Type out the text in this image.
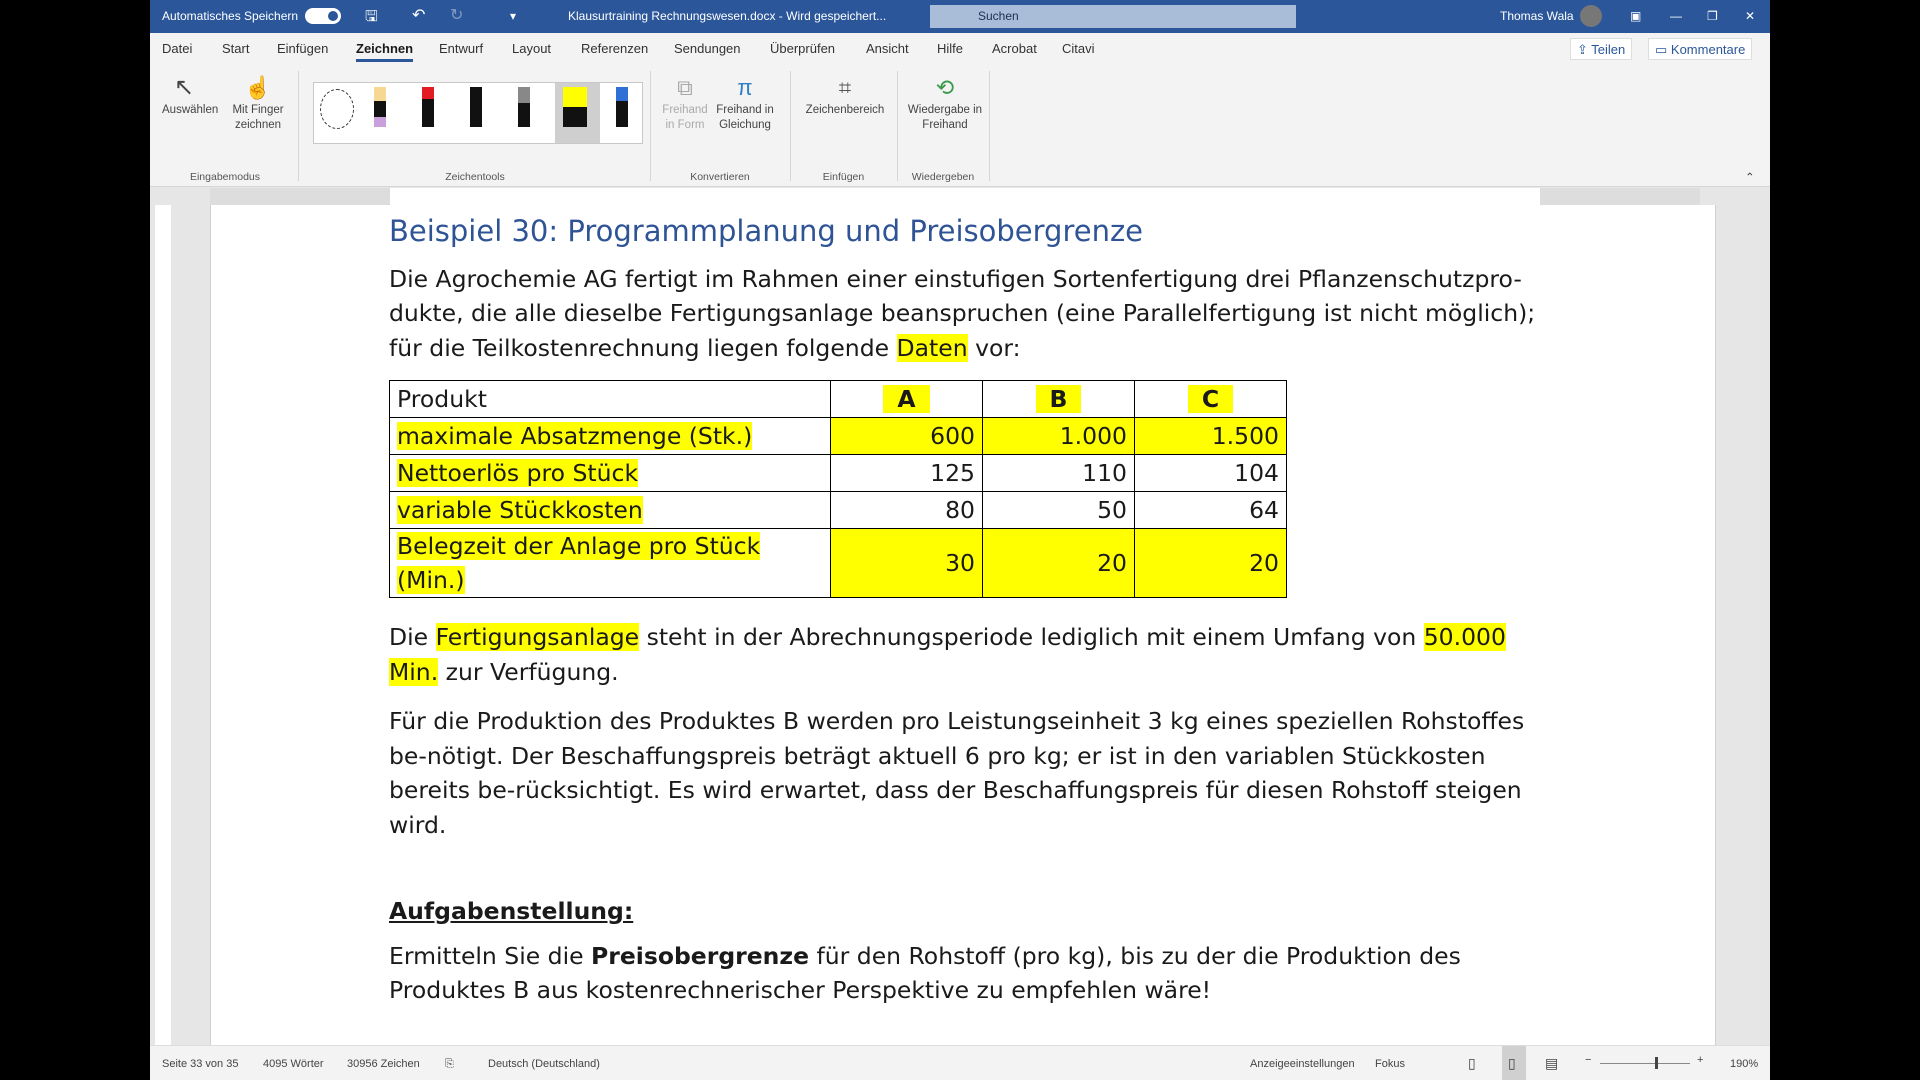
Automatisches Speichern	🖫 ↶ ↻	▾	Klausurtraining Rechnungswesen.docx - Wird gespeichert...	Suchen	Thomas Wala	▣ — ❐ ✕
Datei Start Einfügen Zeichnen Entwurf Layout Referenzen Sendungen Überprüfen Ansicht Hilfe Acrobat Citavi	⇪ Teilen	▭ Kommentare
↖
Auswählen
☝
Mit Finger zeichnen
Eingabemodus	Zeichentools
⧉
Freihand in Form
π
Freihand in Gleichung
Konvertieren
⌗
Zeichenbereich
Einfügen
⟲
Wiedergabe in Freihand
Wiedergeben	⌃
Seite 33 von 35 4095 Wörter 30956 Zeichen ⎘	Deutsch (Deutschland)	Anzeigeeinstellungen Fokus	▯	▯	▤ −	+ 190%
Beispiel 30: Programmplanung und Preisobergrenze

Die Agrochemie AG fertigt im Rahmen einer einstufigen Sortenfertigung drei Pflanzenschutzpro-dukte, die alle dieselbe Fertigungsanlage beanspruchen (eine Parallelfertigung ist nicht möglich); für die Teilkostenrechnung liegen folgende Daten vor:

Produkt	A	B	C
maximale Absatzmenge (Stk.)	600	1.000	1.500
Nettoerlös pro Stück	125	110	104
variable Stückkosten	80	50	64
Belegzeit der Anlage pro Stück (Min.)	30	20	20

Die Fertigungsanlage steht in der Abrechnungsperiode lediglich mit einem Umfang von 50.000 Min. zur Verfügung.

Für die Produktion des Produktes B werden pro Leistungseinheit 3 kg eines speziellen Rohstoffes be-nötigt. Der Beschaffungspreis beträgt aktuell 6 pro kg; er ist in den variablen Stückkosten bereits be-rücksichtigt. Es wird erwartet, dass der Beschaffungspreis für diesen Rohstoff steigen wird.

Aufgabenstellung:

Ermitteln Sie die Preisobergrenze für den Rohstoff (pro kg), bis zu der die Produktion des Produktes B aus kostenrechnerischer Perspektive zu empfehlen wäre!
